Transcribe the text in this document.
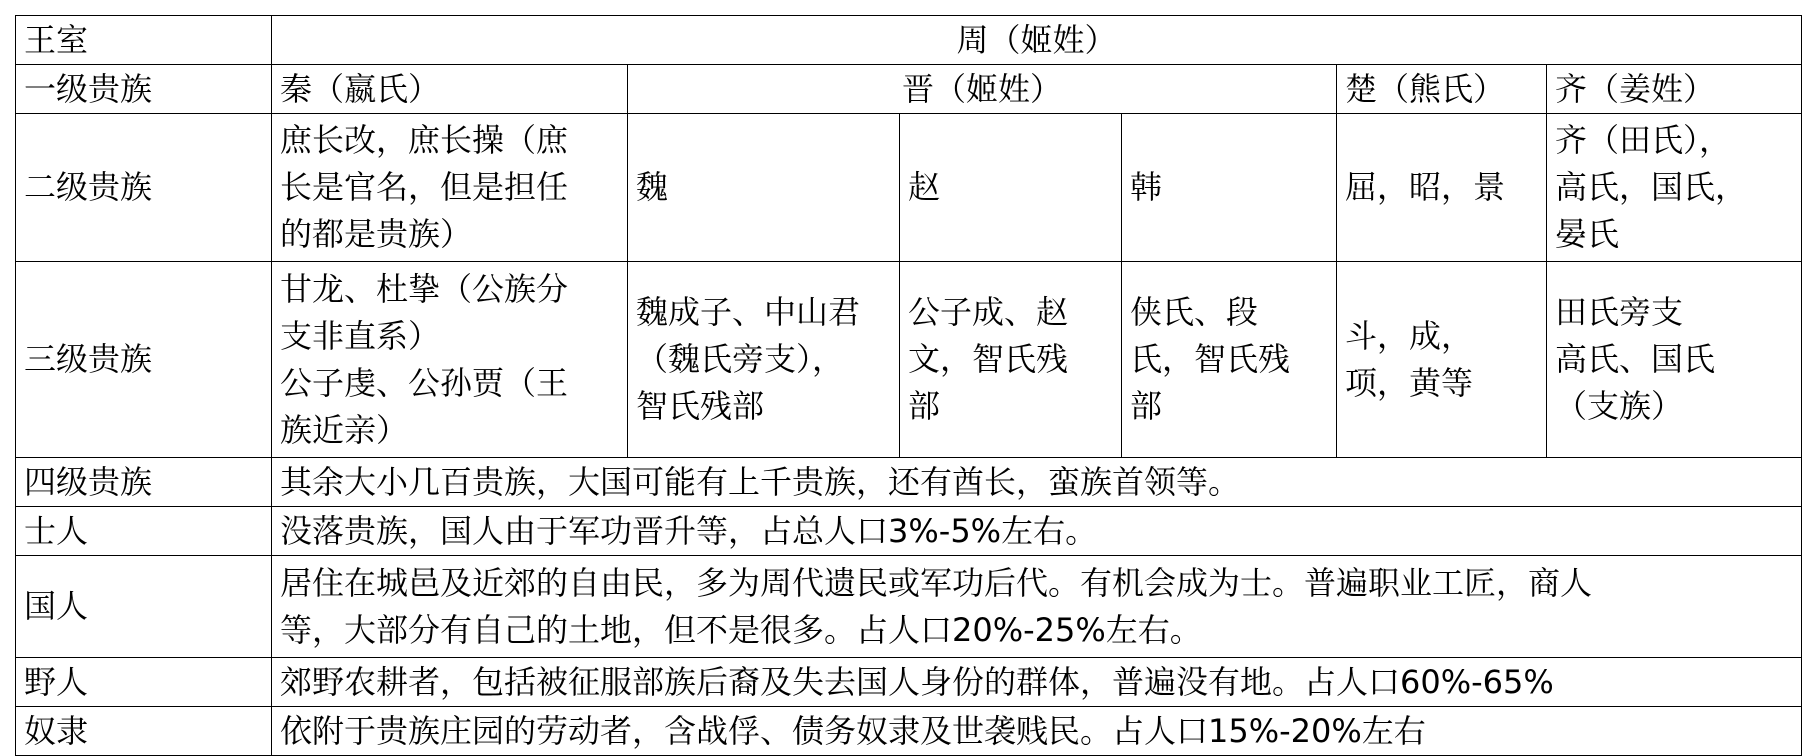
王室	周（姬姓）					
一级贵族	秦（嬴氏）	晋（姬姓）			楚（熊氏）	齐（姜姓）
二级贵族	庶长改，庶长操（庶
长是官名，但是担任
的都是贵族）	魏	赵	韩	屈，昭，景	齐（田氏），
高氏，国氏，
晏氏
三级贵族	甘龙、杜挚（公族分
支非直系）
公子虔、公孙贾（王
族近亲）	魏成子、中山君
（魏氏旁支），
智氏残部	公子成、赵
文，智氏残
部	侠氏、段
氏，智氏残
部	斗，成，
项，黄等	田氏旁支
高氏、国氏
（支族）
四级贵族	其余大小几百贵族，大国可能有上千贵族，还有酋长，蛮族首领等。					
士人	没落贵族，国人由于军功晋升等，占总人口3%-5%左右。					
国人	居住在城邑及近郊的自由民，多为周代遗民或军功后代。有机会成为士。普遍职业工匠，商人
等，大部分有自己的土地，但不是很多。占人口20%-25%左右。					
野人	郊野农耕者，包括被征服部族后裔及失去国人身份的群体，普遍没有地。占人口60%-65%					
奴隶	依附于贵族庄园的劳动者，含战俘、债务奴隶及世袭贱民。占人口15%-20%左右					
